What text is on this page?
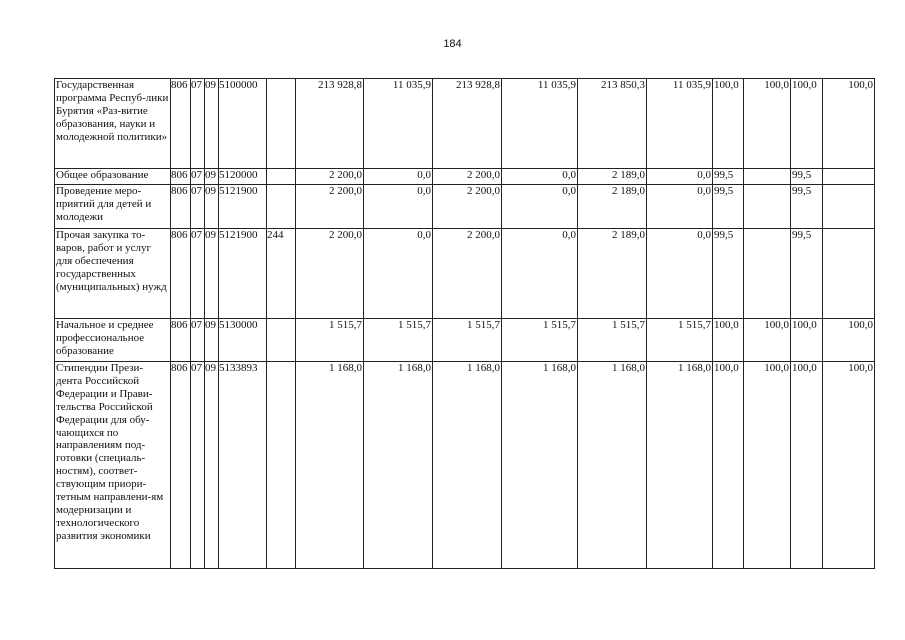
184
Государственная программа Респуб-лики Бурятия «Раз-витие образования, науки и молодежной политики»	806	07	09	5100000		213 928,8	11 035,9	213 928,8	11 035,9	213 850,3	11 035,9	100,0	100,0	100,0	100,0
Общее образование	806	07	09	5120000		2 200,0	0,0	2 200,0	0,0	2 189,0	0,0	99,5		99,5	
Проведение меро-приятий для детей и молодежи	806	07	09	5121900		2 200,0	0,0	2 200,0	0,0	2 189,0	0,0	99,5		99,5	
Прочая закупка то-варов, работ и услуг для обеспечения государственных (муниципальных) нужд	806	07	09	5121900	244	2 200,0	0,0	2 200,0	0,0	2 189,0	0,0	99,5		99,5	
Начальное и среднее профессиональное образование	806	07	09	5130000		1 515,7	1 515,7	1 515,7	1 515,7	1 515,7	1 515,7	100,0	100,0	100,0	100,0
Стипендии Прези-дента Российской Федерации и Прави-тельства Российской Федерации для обу-чающихся по направлениям под-готовки (специаль-ностям), соответ-ствующим приори-тетным направлени-ям модернизации и технологического развития экономики	806	07	09	5133893		1 168,0	1 168,0	1 168,0	1 168,0	1 168,0	1 168,0	100,0	100,0	100,0	100,0
